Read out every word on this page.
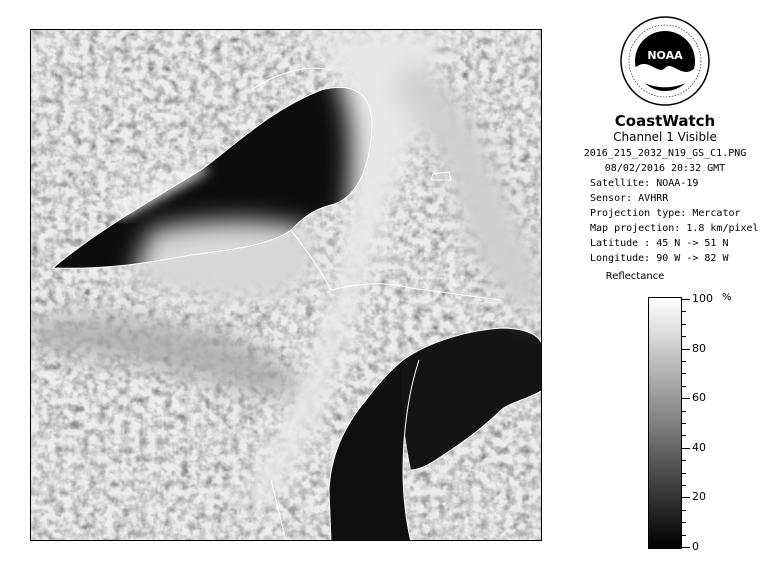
NOAA
CoastWatch
Channel 1 Visible
2016_215_2032_N19_GS_C1.PNG
08/02/2016 20:32 GMT
Satellite: NOAA-19
Sensor: AVHRR
Projection type: Mercator
Map projection: 1.8 km/pixel
Latitude : 45 N -> 51 N
Longitude: 90 W -> 82 W
Reflectance
%
100
80
60
40
20
0
